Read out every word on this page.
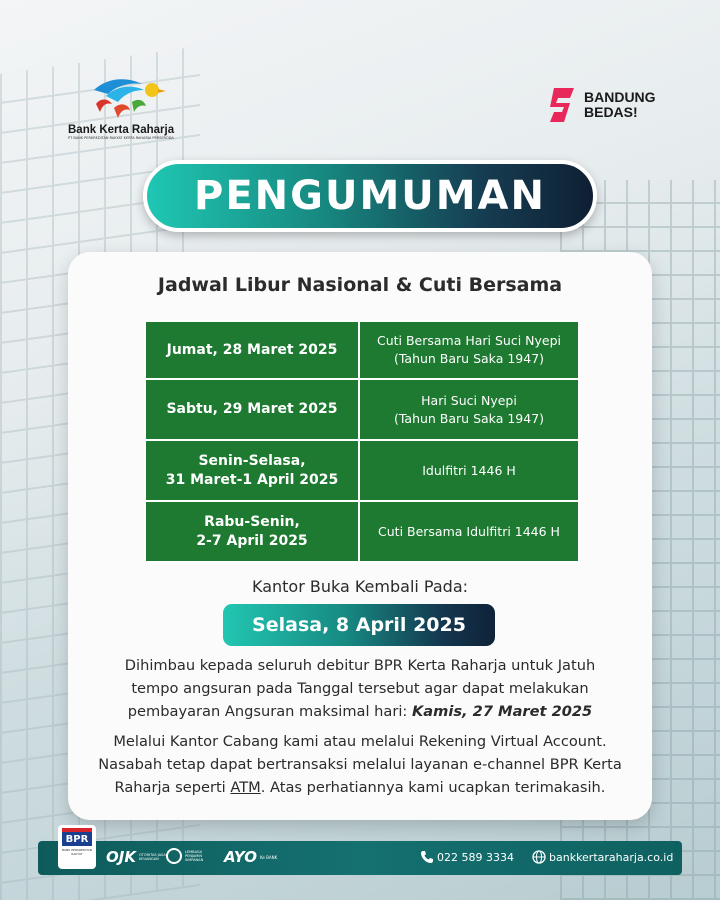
Bank Kerta Raharja
PT BANK PERKREDITAN RAKYAT KERTA RAHARJA PERSERODA
BANDUNG
BEDAS!
PENGUMUMAN
Jadwal Libur Nasional & Cuti Bersama
Jumat, 28 Maret 2025	Cuti Bersama Hari Suci Nyepi
(Tahun Baru Saka 1947)
Sabtu, 29 Maret 2025	Hari Suci Nyepi
(Tahun Baru Saka 1947)
Senin-Selasa,
31 Maret-1 April 2025	Idulfitri 1446 H
Rabu-Senin,
2-7 April 2025	Cuti Bersama Idulfitri 1446 H
Kantor Buka Kembali Pada:
Selasa, 8 April 2025
Dihimbau kepada seluruh debitur BPR Kerta Raharja untuk Jatuh
tempo angsuran pada Tanggal tersebut agar dapat melakukan
pembayaran Angsuran maksimal hari: Kamis, 27 Maret 2025
Melalui Kantor Cabang kami atau melalui Rekening Virtual Account.
Nasabah tetap dapat bertransaksi melalui layanan e-channel BPR Kerta
Raharja seperti ATM. Atas perhatiannya kami ucapkan terimakasih.
BPR
BANK PERKREDITAN RAKYAT	OJK OTORITAS JASA KEUANGAN
LEMBAGA PENJAMIN SIMPANAN	AYO Ke BANK	022 589 3334	bankkertaraharja.co.id
